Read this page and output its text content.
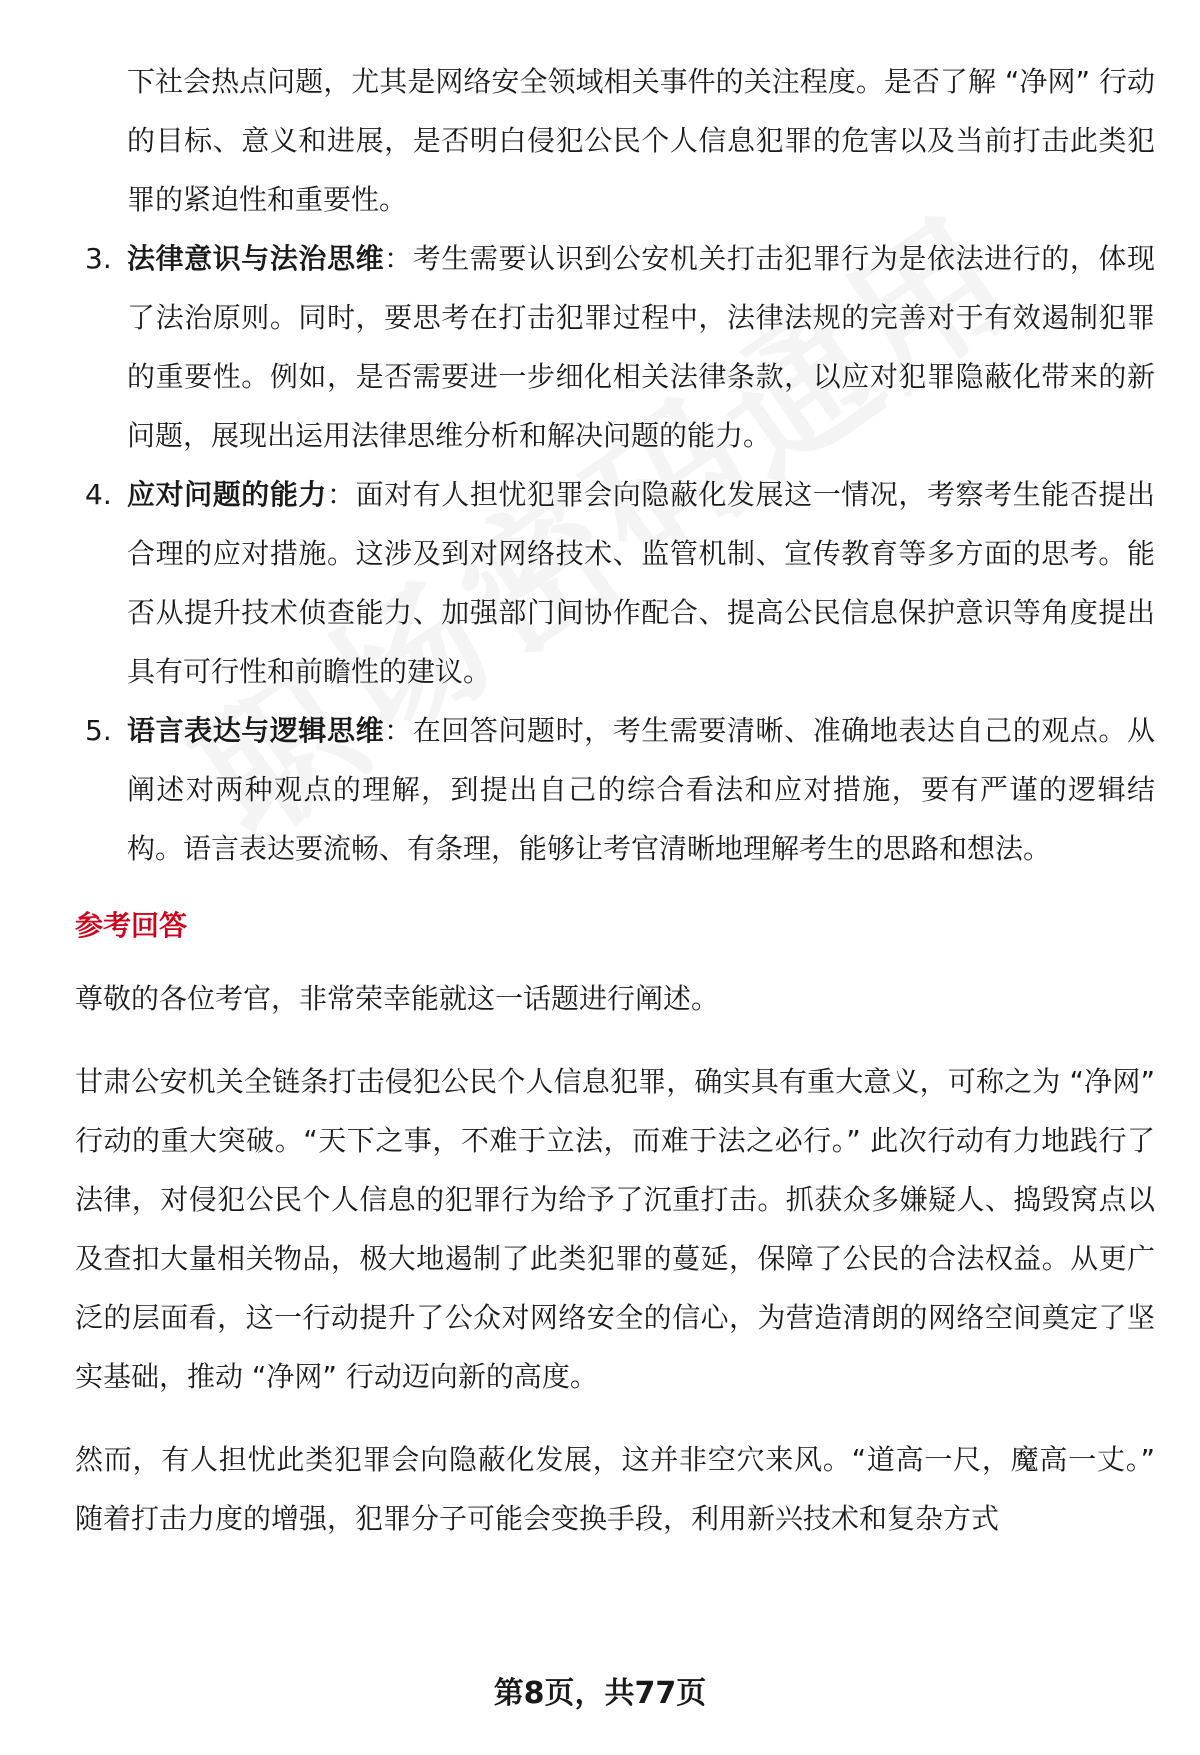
下社会热点问题，尤其是网络安全领域相关事件的关注程度。是否了解 “净网” 行动的目标、意义和进展，是否明白侵犯公民个人信息犯罪的危害以及当前打击此类犯罪的紧迫性和重要性。

3. 法律意识与法治思维：考生需要认识到公安机关打击犯罪行为是依法进行的，体现了法治原则。同时，要思考在打击犯罪过程中，法律法规的完善对于有效遏制犯罪的重要性。例如，是否需要进一步细化相关法律条款，以应对犯罪隐蔽化带来的新问题，展现出运用法律思维分析和解决问题的能力。
4. 应对问题的能力：面对有人担忧犯罪会向隐蔽化发展这一情况，考察考生能否提出合理的应对措施。这涉及到对网络技术、监管机制、宣传教育等多方面的思考。能否从提升技术侦查能力、加强部门间协作配合、提高公民信息保护意识等角度提出具有可行性和前瞻性的建议。
5. 语言表达与逻辑思维：在回答问题时，考生需要清晰、准确地表达自己的观点。从阐述对两种观点的理解，到提出自己的综合看法和应对措施，要有严谨的逻辑结构。语言表达要流畅、有条理，能够让考官清晰地理解考生的思路和想法。
参考回答

尊敬的各位考官，非常荣幸能就这一话题进行阐述。

甘肃公安机关全链条打击侵犯公民个人信息犯罪，确实具有重大意义，可称之为 “净网” 行动的重大突破。“天下之事，不难于立法，而难于法之必行。” 此次行动有力地践行了法律，对侵犯公民个人信息的犯罪行为给予了沉重打击。抓获众多嫌疑人、捣毁窝点以及查扣大量相关物品，极大地遏制了此类犯罪的蔓延，保障了公民的合法权益。从更广泛的层面看，这一行动提升了公众对网络安全的信心，为营造清朗的网络空间奠定了坚实基础，推动 “净网” 行动迈向新的高度。

然而，有人担忧此类犯罪会向隐蔽化发展，这并非空穴来风。“道高一尺，魔高一丈。” 随着打击力度的增强，犯罪分子可能会变换手段，利用新兴技术和复杂方式

第8页，共77页
